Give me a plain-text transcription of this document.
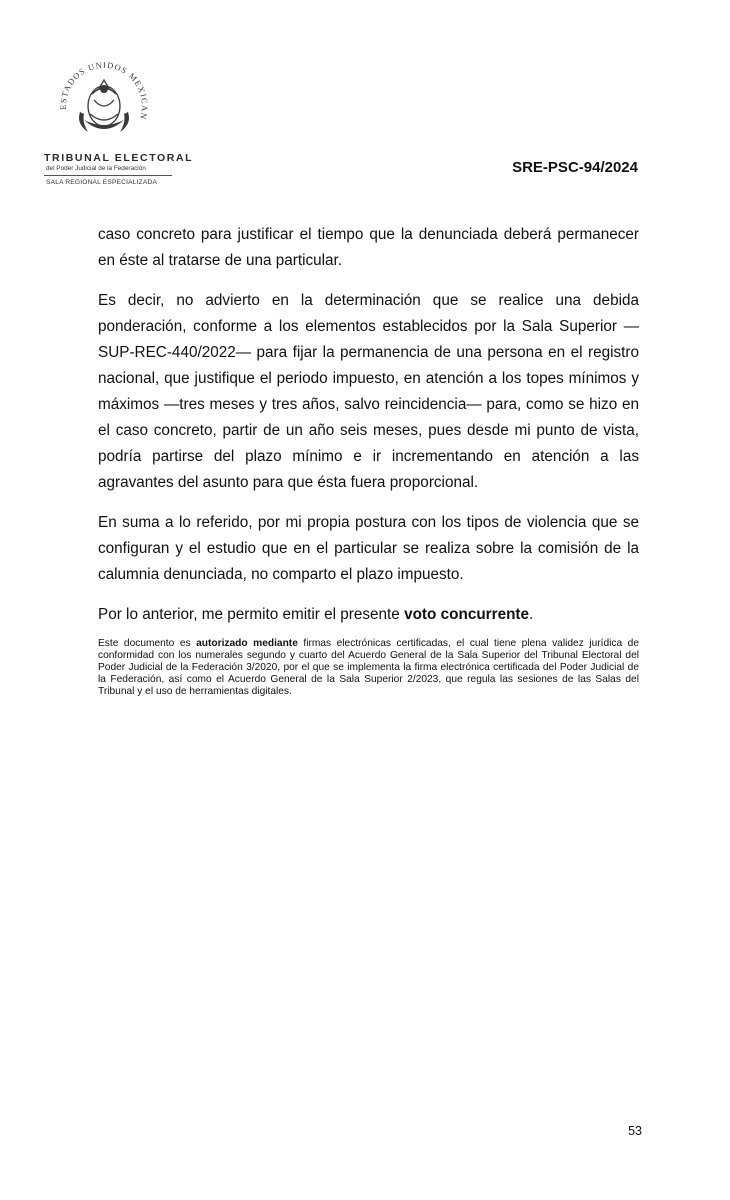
ESTADOS UNIDOS MEXICAN
TRIBUNAL ELECTORAL
del Poder Judicial de la Federación
SALA REGIONAL ESPECIALIZADA
SRE-PSC-94/2024

caso concreto para justificar el tiempo que la denunciada deberá permanecer en éste al tratarse de una particular.

Es decir, no advierto en la determinación que se realice una debida ponderación, conforme a los elementos establecidos por la Sala Superior —SUP-REC-440/2022— para fijar la permanencia de una persona en el registro nacional, que justifique el periodo impuesto, en atención a los topes mínimos y máximos —tres meses y tres años, salvo reincidencia— para, como se hizo en el caso concreto, partir de un año seis meses, pues desde mi punto de vista, podría partirse del plazo mínimo e ir incrementando en atención a las agravantes del asunto para que ésta fuera proporcional.

En suma a lo referido, por mi propia postura con los tipos de violencia que se configuran y el estudio que en el particular se realiza sobre la comisión de la calumnia denunciada, no comparto el plazo impuesto.

Por lo anterior, me permito emitir el presente voto concurrente.

Este documento es autorizado mediante firmas electrónicas certificadas, el cual tiene plena validez jurídica de conformidad con los numerales segundo y cuarto del Acuerdo General de la Sala Superior del Tribunal Electoral del Poder Judicial de la Federación 3/2020, por el que se implementa la firma electrónica certificada del Poder Judicial de la Federación, así como el Acuerdo General de la Sala Superior 2/2023, que regula las sesiones de las Salas del Tribunal y el uso de herramientas digitales.

53
